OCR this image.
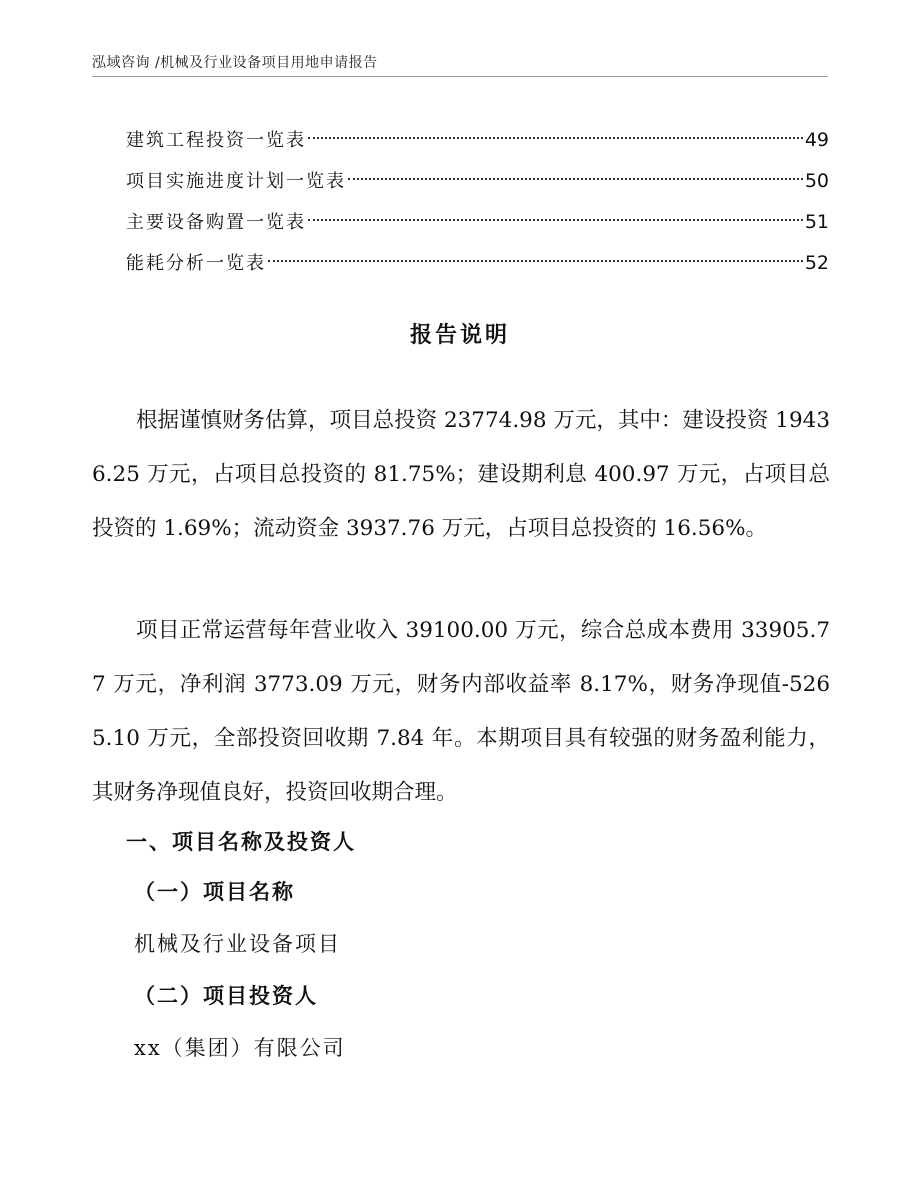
泓域咨询 /机械及行业设备项目用地申请报告
建筑工程投资一览表	49
项目实施进度计划一览表	50
主要设备购置一览表	51
能耗分析一览表	52
报告说明

根据谨慎财务估算，项目总投资 23774.98 万元，其中：建设投资 19436.25 万元，占项目总投资的 81.75%；建设期利息 400.97 万元，占项目总投资的 1.69%；流动资金 3937.76 万元，占项目总投资的 16.56%。

项目正常运营每年营业收入 39100.00 万元，综合总成本费用 33905.77 万元，净利润 3773.09 万元，财务内部收益率 8.17%，财务净现值-5265.10 万元，全部投资回收期 7.84 年。本期项目具有较强的财务盈利能力，其财务净现值良好，投资回收期合理。

一、项目名称及投资人
（一）项目名称
机械及行业设备项目
（二）项目投资人
xx（集团）有限公司
